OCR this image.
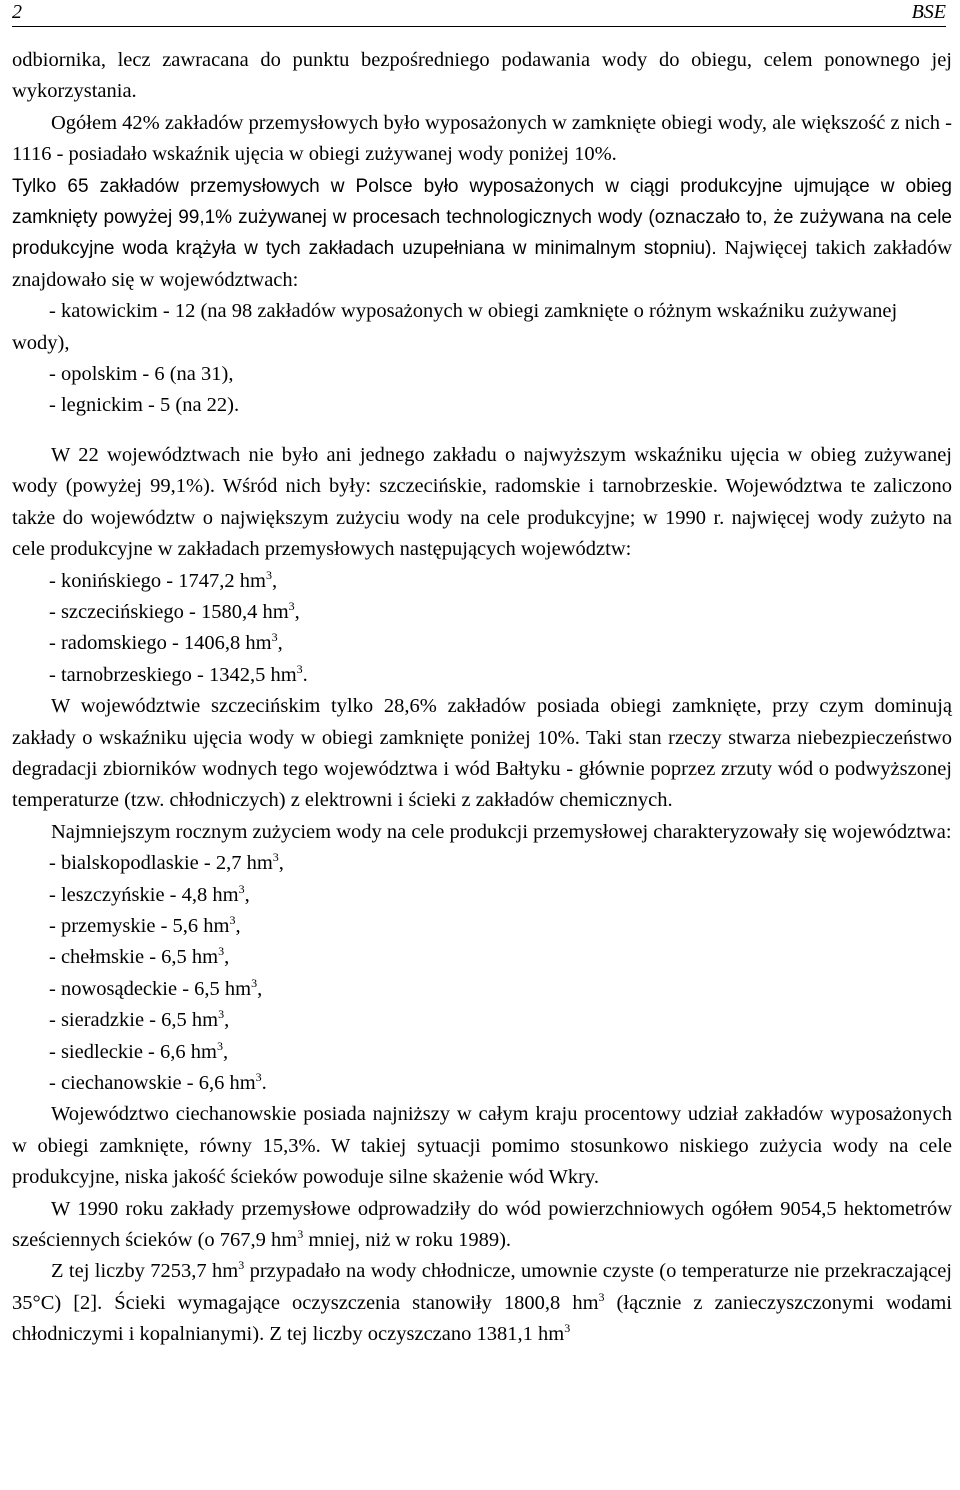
2	BSE

odbiornika, lecz zawracana do punktu bezpośredniego podawania wody do obiegu, celem ponownego jej wykorzystania.

Ogółem 42% zakładów przemysłowych było wyposażonych w zamknięte obiegi wody, ale większość z nich - 1116 - posiadało wskaźnik ujęcia w obiegi zużywanej wody poniżej 10%.

Tylko 65 zakładów przemysłowych w Polsce było wyposażonych w ciągi produkcyjne ujmujące w obieg zamknięty powyżej 99,1% zużywanej w procesach technologicznych wody (oznaczało to, że zużywana na cele produkcyjne woda krążyła w tych zakładach uzupełniana w minimalnym stopniu). Najwięcej takich zakładów znajdowało się w województwach:

- katowickim - 12 (na 98 zakładów wyposażonych w obiegi zamknięte o różnym wskaźniku zużywanej wody),

- opolskim - 6 (na 31),

- legnickim - 5 (na 22).

W 22 województwach nie było ani jednego zakładu o najwyższym wskaźniku ujęcia w obieg zużywanej wody (powyżej 99,1%). Wśród nich były: szczecińskie, radomskie i tarnobrzeskie. Województwa te zaliczono także do województw o największym zużyciu wody na cele produkcyjne; w 1990 r. najwięcej wody zużyto na cele produkcyjne w zakładach przemysłowych następujących województw:

- konińskiego - 1747,2 $hm^3$,

- szczecińskiego - 1580,4 $hm^3$,

- radomskiego - 1406,8 $hm^3$,

- tarnobrzeskiego - 1342,5 $hm^3$.

W województwie szczecińskim tylko 28,6% zakładów posiada obiegi zamknięte, przy czym dominują zakłady o wskaźniku ujęcia wody w obiegi zamknięte poniżej 10%. Taki stan rzeczy stwarza niebezpieczeństwo degradacji zbiorników wodnych tego województwa i wód Bałtyku - głównie poprzez zrzuty wód o podwyższonej temperaturze (tzw. chłodniczych) z elektrowni i ścieki z zakładów chemicznych.

Najmniejszym rocznym zużyciem wody na cele produkcji przemysłowej charakteryzowały się województwa:

- bialskopodlaskie - 2,7 $hm^3$,

- leszczyńskie - 4,8 $hm^3$,

- przemyskie - 5,6 $hm^3$,

- chełmskie - 6,5 $hm^3$,

- nowosądeckie - 6,5 $hm^3$,

- sieradzkie - 6,5 $hm^3$,

- siedleckie - 6,6 $hm^3$,

- ciechanowskie - 6,6 $hm^3$.

Województwo ciechanowskie posiada najniższy w całym kraju procentowy udział zakładów wyposażonych w obiegi zamknięte, równy 15,3%. W takiej sytuacji pomimo stosunkowo niskiego zużycia wody na cele produkcyjne, niska jakość ścieków powoduje silne skażenie wód Wkry.

W 1990 roku zakłady przemysłowe odprowadziły do wód powierzchniowych ogółem 9054,5 hektometrów sześciennych ścieków (o 767,9 $hm^3$ mniej, niż w roku 1989).

Z tej liczby 7253,7 $hm^3$ przypadało na wody chłodnicze, umownie czyste (o temperaturze nie przekraczającej 35°C) [2]. Ścieki wymagające oczyszczenia stanowiły 1800,8 $hm^3$ (łącznie z zanieczyszczonymi wodami chłodniczymi i kopalnianymi). Z tej liczby oczyszczano 1381,1 $hm^3$
